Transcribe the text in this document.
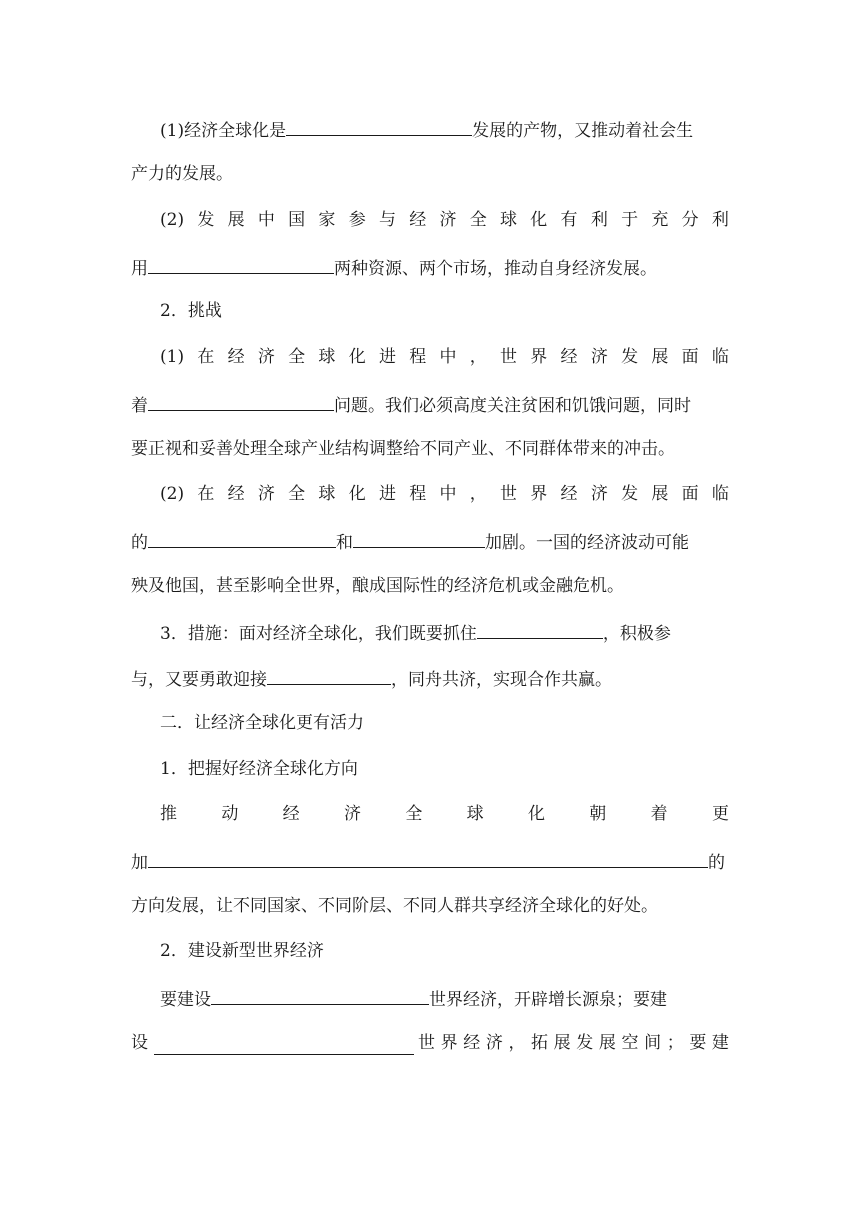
(1)经济全球化是	发展的产物，又推动着社会生
产力的发展。
(2) 发 展 中 国 家 参 与 经 济 全 球 化 有 利 于 充 分 利
用	两种资源、两个市场，推动自身经济发展。
2．挑战
(1) 在 经 济 全 球 化 进 程 中 ， 世 界 经 济 发 展 面 临
着	问题。我们必须高度关注贫困和饥饿问题，同时
要正视和妥善处理全球产业结构调整给不同产业、不同群体带来的冲击。
(2) 在 经 济 全 球 化 进 程 中 ， 世 界 经 济 发 展 面 临
的	和	加剧。一国的经济波动可能
殃及他国，甚至影响全世界，酿成国际性的经济危机或金融危机。
3．措施：面对经济全球化，我们既要抓住	，积极参
与，又要勇敢迎接	，同舟共济，实现合作共赢。
二．让经济全球化更有活力
1．把握好经济全球化方向
推	动	经	济	全	球	化	朝	着	更
加	的
方向发展，让不同国家、不同阶层、不同人群共享经济全球化的好处。
2．建设新型世界经济
要建设	世界经济，开辟增长源泉；要建
设	世 界 经 济 ， 拓 展 发 展 空 间 ； 要 建
